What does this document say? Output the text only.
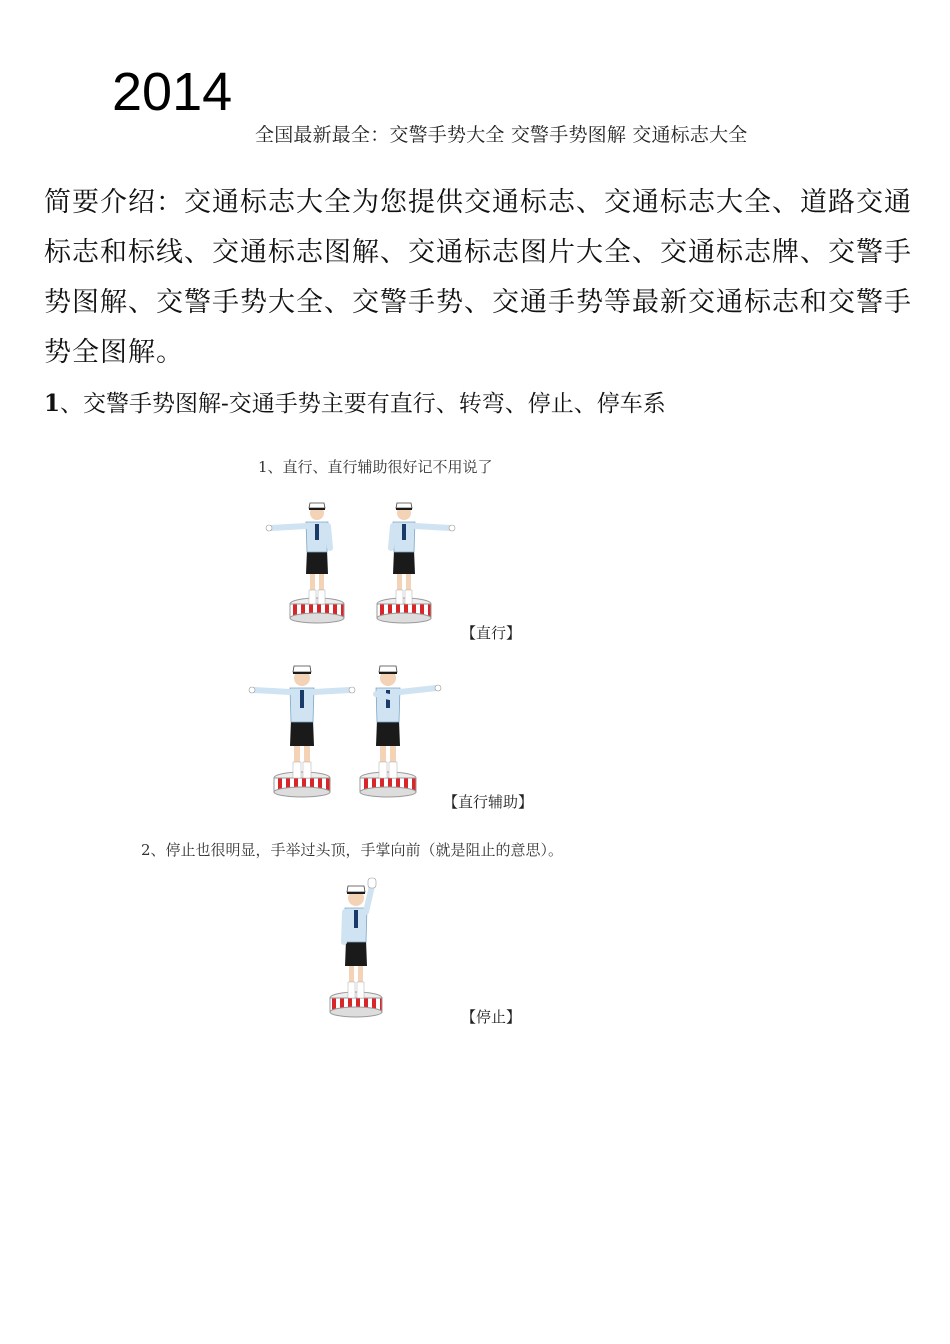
2014
全国最新最全：交警手势大全 交警手势图解 交通标志大全
简要介绍：交通标志大全为您提供交通标志、交通标志大全、道路交通标志和标线、交通标志图解、交通标志图片大全、交通标志牌、交警手势图解、交警手势大全、交警手势、交通手势等最新交通标志和交警手势全图解。
1、交警手势图解-交通手势主要有直行、转弯、停止、停车系
1、直行、直行辅助很好记不用说了
【直行】
【直行辅助】
2、停止也很明显，手举过头顶，手掌向前（就是阻止的意思）。
【停止】
